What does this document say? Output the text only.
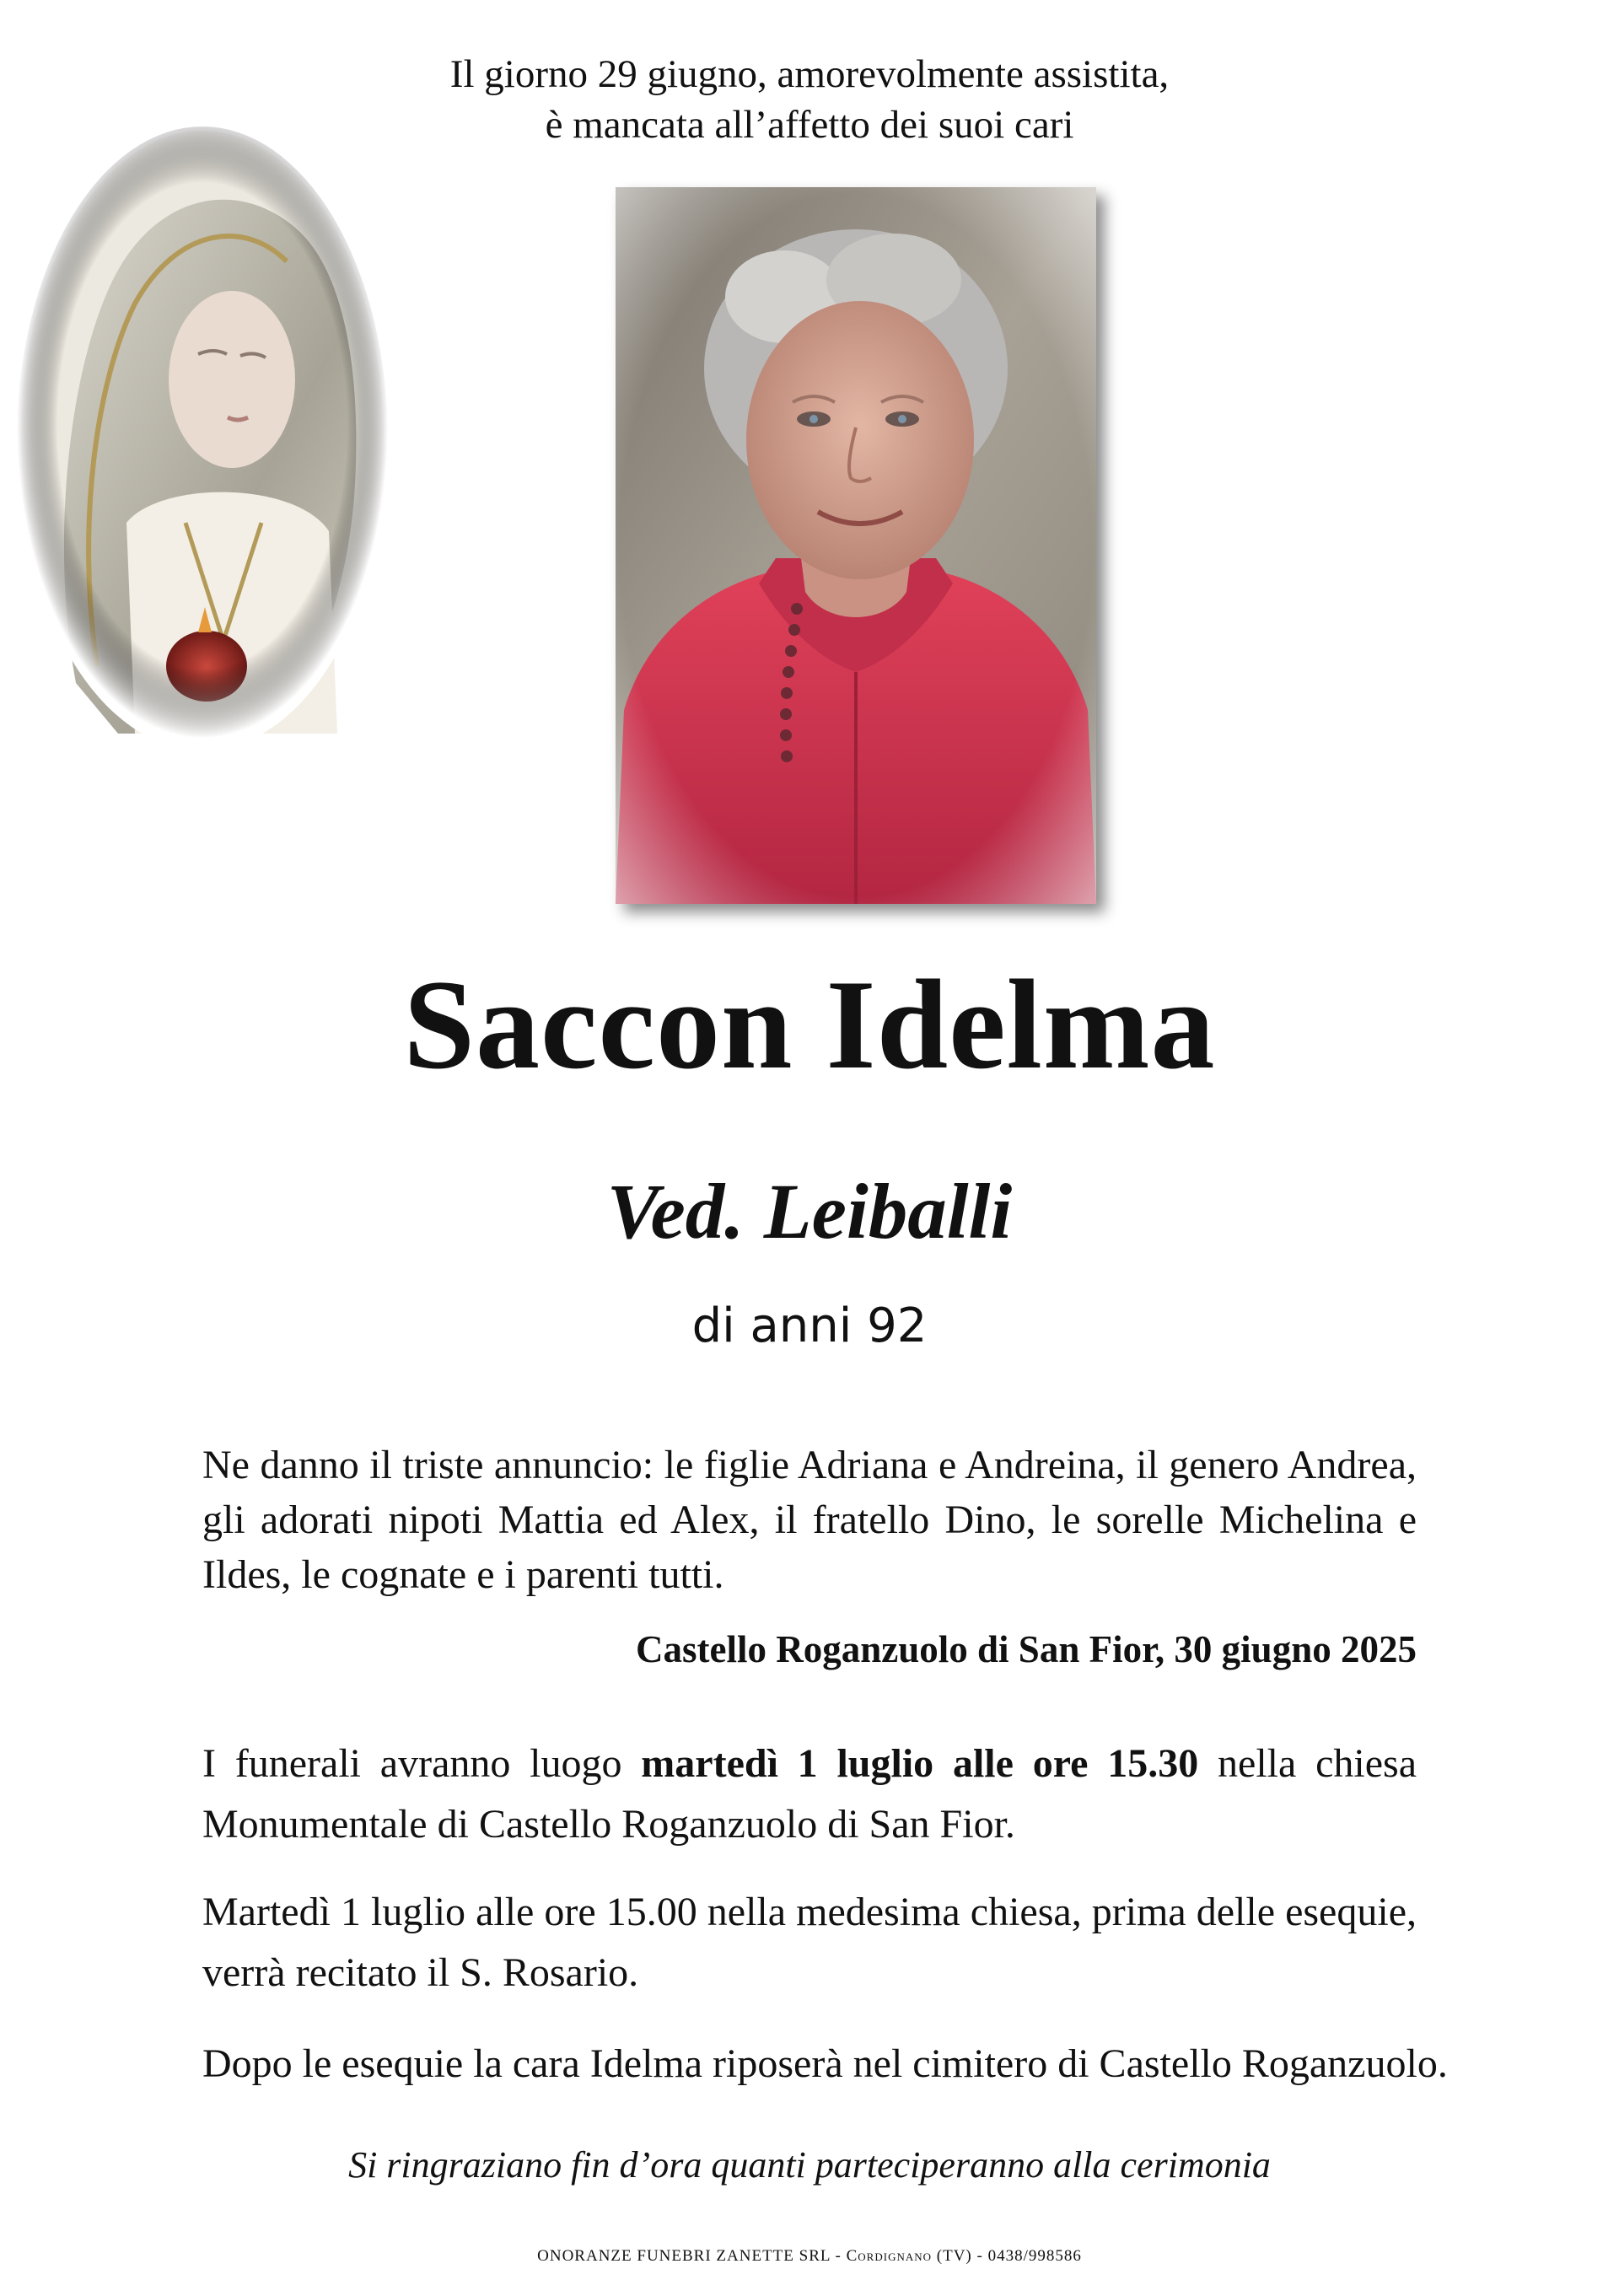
Il giorno 29 giugno, amorevolmente assistita,
è mancata all’affetto dei suoi cari
Saccon Idelma
Ved. Leiballi
di anni 92
Ne danno il triste annuncio: le figlie Adriana e Andreina, il genero Andrea, gli adorati nipoti Mattia ed Alex, il fratello Dino, le sorelle Michelina e Ildes, le cognate e i parenti tutti.
Castello Roganzuolo di San Fior, 30 giugno 2025
I funerali avranno luogo martedì 1 luglio alle ore 15.30 nella chiesa Monumentale di Castello Roganzuolo di San Fior.
Martedì 1 luglio alle ore 15.00 nella medesima chiesa, prima delle esequie, verrà recitato il S. Rosario.
Dopo le esequie la cara Idelma riposerà nel cimitero di Castello Roganzuolo.
Si ringraziano fin d’ora quanti parteciperanno alla cerimonia
ONORANZE FUNEBRI ZANETTE SRL - Cordignano (TV) - 0438/998586
